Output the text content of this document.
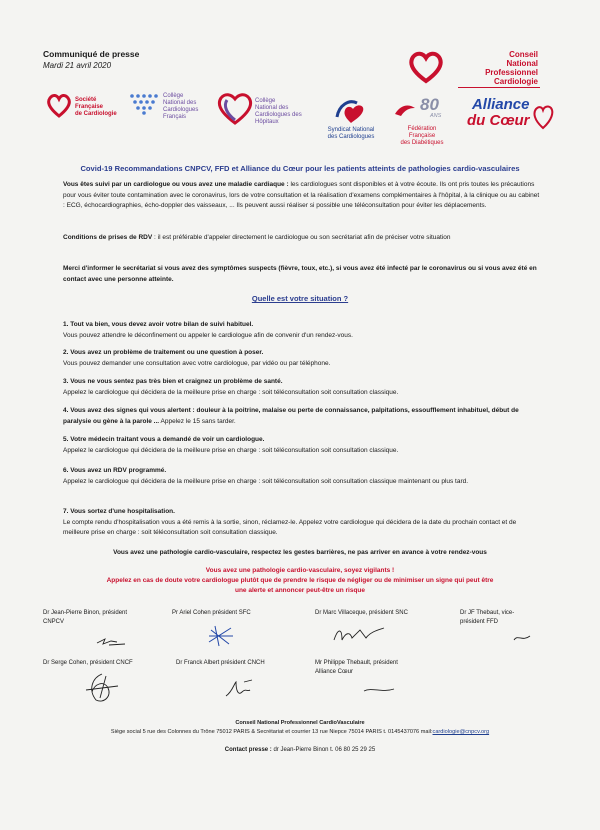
Communiqué de presse
Mardi 21 avril 2020
Conseil
National
Professionnel
Cardiologie
Société
Française
de Cardiologie
Collège
National des
Cardiologues
Français
Collège
National des
Cardiologues des
Hôpitaux
Syndicat National
des Cardiologues
80
ANS
Fédération Française
des Diabétiques
Alliance
du Cœur
Covid-19 Recommandations CNPCV, FFD et Alliance du Cœur pour les patients atteints de pathologies cardio-vasculaires
Vous êtes suivi par un cardiologue ou vous avez une maladie cardiaque : les cardiologues sont disponibles et à votre écoute. Ils ont pris toutes les précautions pour vous éviter toute contamination avec le coronavirus, lors de votre consultation et la réalisation d'examens complémentaires à l'hôpital, à la clinique ou au cabinet : ECG, échocardiographies, écho-doppler des vaisseaux, ... Ils peuvent aussi réaliser si possible une téléconsultation pour éviter les déplacements.
Conditions de prises de RDV : il est préférable d'appeler directement le cardiologue ou son secrétariat afin de préciser votre situation
Merci d'informer le secrétariat si vous avez des symptômes suspects (fièvre, toux, etc.), si vous avez été infecté par le coronavirus ou si vous avez été en contact avec une personne atteinte.
Quelle est votre situation ?
1. Tout va bien, vous devez avoir votre bilan de suivi habituel.
Vous pouvez attendre le déconfinement ou appeler le cardiologue afin de convenir d'un rendez-vous.
2. Vous avez un problème de traitement ou une question à poser.
Vous pouvez demander une consultation avec votre cardiologue, par vidéo ou par téléphone.
3. Vous ne vous sentez pas très bien et craignez un problème de santé.
Appelez le cardiologue qui décidera de la meilleure prise en charge : soit téléconsultation soit consultation classique.
4. Vous avez des signes qui vous alertent : douleur à la poitrine, malaise ou perte de connaissance, palpitations, essoufflement inhabituel, début de paralysie ou gène à la parole ... Appelez le 15 sans tarder.
5. Votre médecin traitant vous a demandé de voir un cardiologue.
Appelez le cardiologue qui décidera de la meilleure prise en charge : soit téléconsultation soit consultation classique.
6. Vous avez un RDV programmé.
Appelez le cardiologue qui décidera de la meilleure prise en charge : soit téléconsultation soit consultation classique maintenant ou plus tard.
7. Vous sortez d'une hospitalisation.
Le compte rendu d'hospitalisation vous a été remis à la sortie, sinon, réclamez-le. Appelez votre cardiologue qui décidera de la date du prochain contact et de meilleure prise en charge : soit téléconsultation soit consultation classique.
Vous avez une pathologie cardio-vasculaire, respectez les gestes barrières, ne pas arriver en avance à votre rendez-vous
Vous avez une pathologie cardio-vasculaire, soyez vigilants !
Appelez en cas de doute votre cardiologue plutôt que de prendre le risque de négliger ou de minimiser un signe qui peut être
une alerte et annoncer peut-être un risque
Dr Jean-Pierre Binon, président
CNPCV
Pr Ariel Cohen président SFC	Dr Marc Villaceque, président SNC	Dr JF Thebaut, vice-
président FFD
Dr Serge Cohen, président CNCF	Dr Franck Albert président CNCH	Mr Philippe Thebault, président
Alliance Cœur
Conseil National Professionnel CardioVasculaire
Siège social 5 rue des Colonnes du Trône 75012 PARIS & Secrétariat et courrier 13 rue Niepce 75014 PARIS t. 0145437076 mail:cardiologie@cnpcv.org
Contact presse : dr Jean-Pierre Binon t. 06 80 25 29 25
